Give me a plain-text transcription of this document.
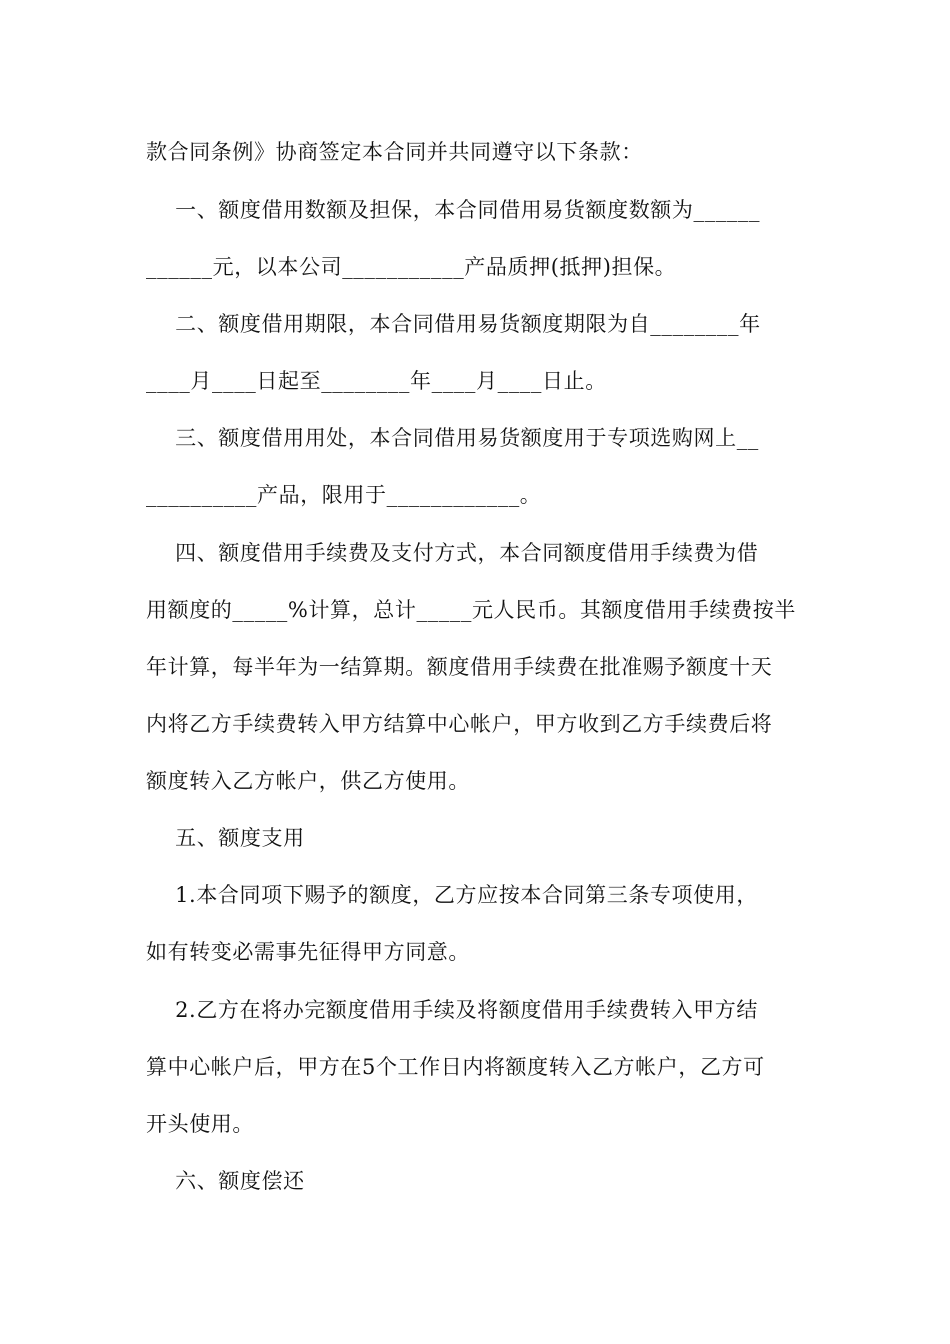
款合同条例》协商签定本合同并共同遵守以下条款：
一、额度借用数额及担保，本合同借用易货额度数额为______
______元，以本公司___________产品质押(抵押)担保。
二、额度借用期限，本合同借用易货额度期限为自________年
____月____日起至________年____月____日止。
三、额度借用用处，本合同借用易货额度用于专项选购网上__
__________产品，限用于____________。
四、额度借用手续费及支付方式，本合同额度借用手续费为借
用额度的_____%计算，总计_____元人民币。其额度借用手续费按半
年计算，每半年为一结算期。额度借用手续费在批准赐予额度十天
内将乙方手续费转入甲方结算中心帐户，甲方收到乙方手续费后将
额度转入乙方帐户，供乙方使用。
五、额度支用
1.本合同项下赐予的额度，乙方应按本合同第三条专项使用，
如有转变必需事先征得甲方同意。
2.乙方在将办完额度借用手续及将额度借用手续费转入甲方结
算中心帐户后，甲方在5个工作日内将额度转入乙方帐户，乙方可
开头使用。
六、额度偿还
